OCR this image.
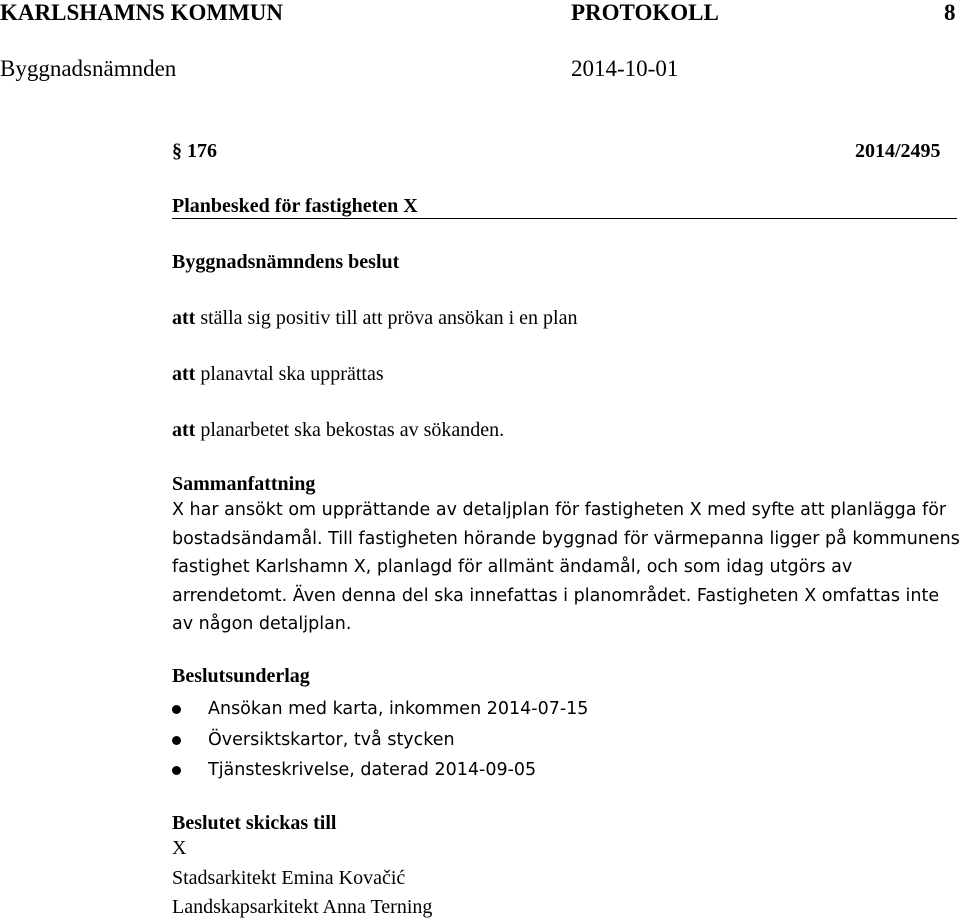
KARLSHAMNS KOMMUN	PROTOKOLL	8
Byggnadsnämnden	2014-10-01
§ 176	2014/2495
Planbesked för fastigheten X
Byggnadsnämndens beslut
att ställa sig positiv till att pröva ansökan i en plan
att planavtal ska upprättas
att planarbetet ska bekostas av sökanden.
Sammanfattning
X har ansökt om upprättande av detaljplan för fastigheten X med syfte att planlägga för bostadsändamål. Till fastigheten hörande byggnad för värmepanna ligger på kommunens fastighet Karlshamn X, planlagd för allmänt ändamål, och som idag utgörs av arrendetomt. Även denna del ska innefattas i planområdet. Fastigheten X omfattas inte av någon detaljplan.
Beslutsunderlag
Ansökan med karta, inkommen 2014-07-15
Översiktskartor, två stycken
Tjänsteskrivelse, daterad 2014-09-05
Beslutet skickas till
X
Stadsarkitekt Emina Kovačić
Landskapsarkitekt Anna Terning
